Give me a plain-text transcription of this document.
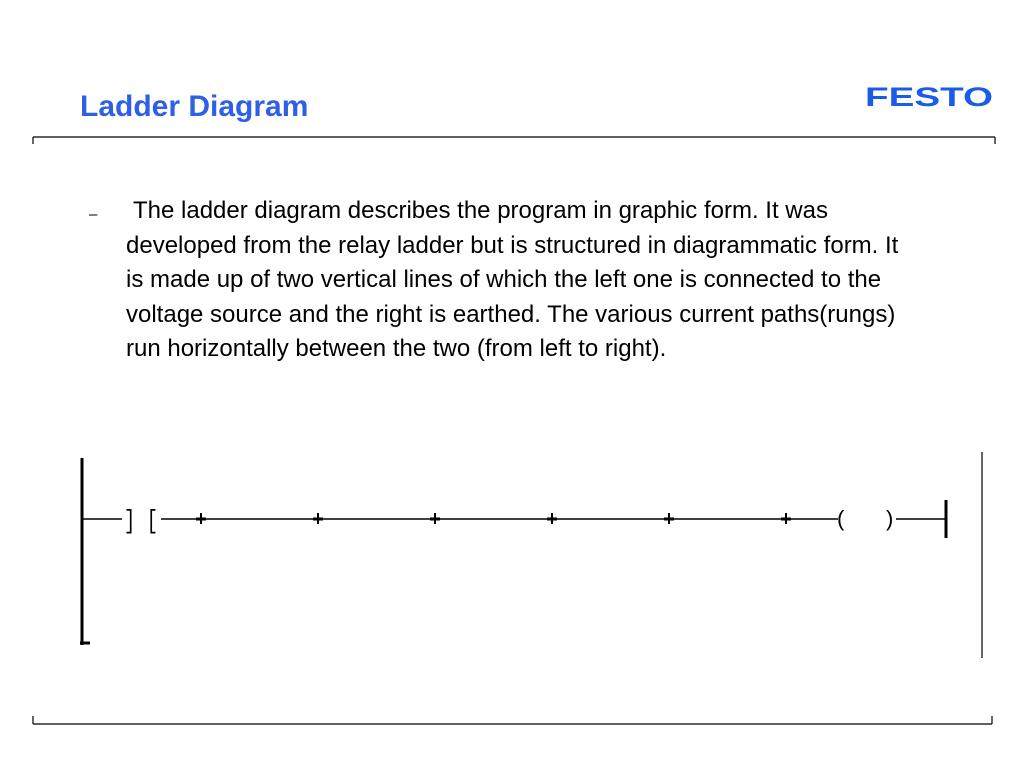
Ladder Diagram	FESTO
– The ladder diagram describes the program in graphic form. It was developed from the relay ladder but is structured in diagrammatic form. It is made up of two vertical lines of which the left one is connected to the voltage source and the right is earthed. The various current paths(rungs) run horizontally between the two (from left to right).

] [	( )
